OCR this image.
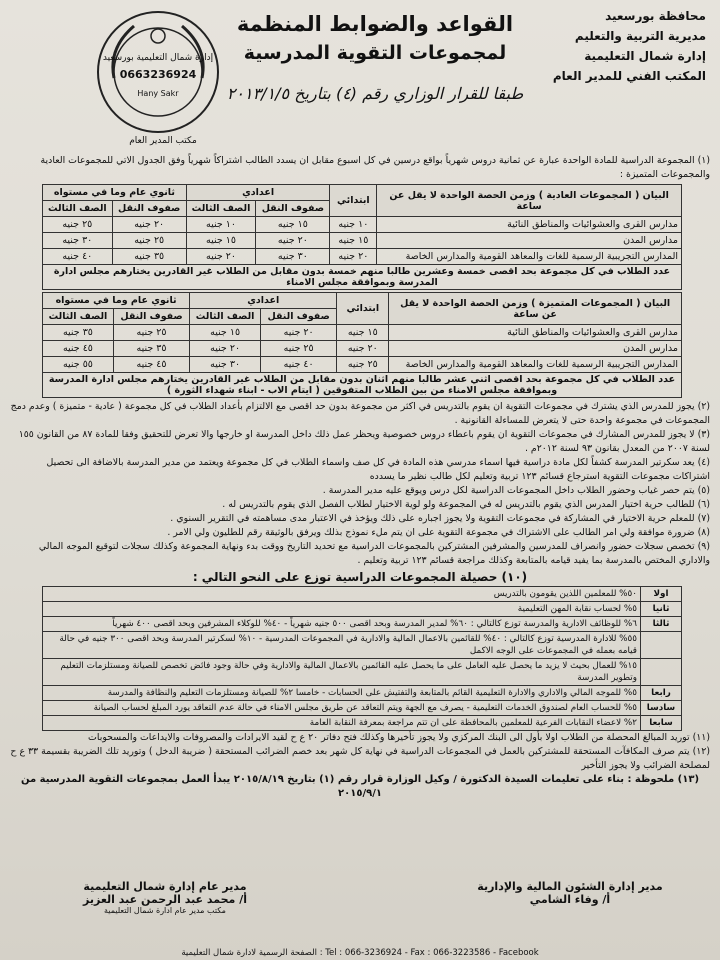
محافظة بورسعيد
مديرية التربية والتعليم
إدارة شمال التعليمية
المكتب الفني للمدير العام
القواعد والضوابط المنظمة
لمجموعات التقوية المدرسية
طبقا للقرار الوزاري رقم (٤) بتاريخ ٢٠١٣/١/٥
إدارة شمال التعليمية بورسعيد
0663236924
Hany Sakr
مكتب المدير العام

(١) المجموعة الدراسية للمادة الواحدة عبارة عن ثمانية دروس شهرياً بواقع درسين في كل اسبوع مقابل ان يسدد الطالب اشتراكاً شهرياً وفق الجدول الاتي للمجموعات العادية والمجموعات المتميزة :

البيان ( المجموعات العادية ) وزمن الحصة الواحدة لا يقل عن ساعة	ابتدائي	اعدادي		ثانوي عام وما في مستواه	
		صفوف النقل	الصف الثالث	صفوف النقل	الصف الثالث
مدارس القرى والعشوائيات والمناطق النائية	١٠ جنيه	١٥ جنيه	١٠ جنيه	٢٠ جنيه	٢٥ جنيه
مدارس المدن	١٥ جنيه	٢٠ جنيه	١٥ جنيه	٢٥ جنيه	٣٠ جنيه
المدارس التجريبية الرسمية للغات والمعاهد القومية والمدارس الخاصة	٢٠ جنيه	٣٠ جنيه	٢٠ جنيه	٣٥ جنيه	٤٠ جنيه
عدد الطلاب في كل مجموعة بحد اقصى خمسة وعشرين طالبا منهم خمسة بدون مقابل من الطلاب غير القادرين يختارهم مجلس ادارة المدرسة وبموافقة مجلس الامناء					
البيان ( المجموعات المتميزة ) وزمن الحصة الواحدة لا يقل عن ساعة	ابتدائي	اعدادي		ثانوي عام وما في مستواه	
		صفوف النقل	الصف الثالث	صفوف النقل	الصف الثالث
مدارس القرى والعشوائيات والمناطق النائية	١٥ جنيه	٢٠ جنيه	١٥ جنيه	٢٥ جنيه	٣٥ جنيه
مدارس المدن	٢٠ جنيه	٢٥ جنيه	٢٠ جنيه	٣٥ جنيه	٤٥ جنيه
المدارس التجريبية الرسمية للغات والمعاهد القومية والمدارس الخاصة	٢٥ جنيه	٤٠ جنيه	٣٠ جنيه	٤٥ جنيه	٥٥ جنيه
عدد الطلاب في كل مجموعة بحد اقصى اثني عشر طالبا منهم اثنان بدون مقابل من الطلاب غير القادرين يختارهم مجلس ادارة المدرسة وبموافقة مجلس الامناء من بين الطلاب المتفوقين ( ايتام الاب - ابناء شهداء الثورة )					

(٢) يجوز للمدرس الذي يشترك في مجموعات التقوية ان يقوم بالتدريس في اكثر من مجموعة بدون حد اقصى مع الالتزام بأعداد الطلاب في كل مجموعة ( عادية - متميزة ) وعدم دمج المجموعات في مجموعة واحدة حتى لا يتعرض للمساءلة القانونية .

(٣) لا يجوز للمدرس المشارك في مجموعات التقوية ان يقوم باعطاء دروس خصوصية ويحظر عمل ذلك داخل المدرسة او خارجها والا تعرض للتحقيق وفقا للمادة ٨٧ من القانون ١٥٥ لسنة ٢٠٠٧ من المعدل بقانون ٩٣ لسنة ٢٠١٢م .

(٤) يعد سكرتير المدرسة كشفاً لكل مادة دراسية فيها اسماء مدرسي هذه المادة في كل صف واسماء الطلاب في كل مجموعة ويعتمد من مدير المدرسة بالاضافة الى تحصيل اشتراكات مجموعات التقوية استرجاع قسائم ١٢٣ تربية وتعليم لكل طالب نظير ما يسدده

(٥) يتم حصر غياب وحضور الطلاب داخل المجموعات الدراسية لكل درس ويوقع عليه مدير المدرسة .

(٦) للطالب حرية اختيار المدرس الذي يقوم بالتدريس له في المجموعة ولو لوية الاختيار لطلاب الفصل الذي يقوم بالتدريس له .

(٧) للمعلم حرية الاختيار في المشاركة في مجموعات التقوية ولا يجوز اجباره على ذلك ويؤخذ في الاعتبار مدى مساهمته في التقرير السنوي .

(٨) ضرورة موافقة ولي امر الطالب على الاشتراك في مجموعة التقوية على ان يتم ملء نموذج بذلك ويرفق بالوثيقة رقم للطليون ولي الامر .

(٩) تخصص سجلات حضور وانصراف للمدرسين والمشرفين المشتركين بالمجموعات الدراسية مع تحديد التاريخ ووقت بدء ونهاية المجموعة وكذلك سجلات لتوقيع الموجه المالي والاداري المختص بالمدرسة بما يفيد قيامه بالمتابعة وكذلك مراجعة قسائم ١٢٣ تربية وتعليم .

(١٠) حصيلة المجموعات الدراسية توزع على النحو التالي :
اولا	٥٠% للمعلمين اللذين يقومون بالتدريس
ثانيا	٥% لحساب نقابة المهن التعليمية
ثالثا	٦% للوظائف الادارية والمدرسة توزع كالتالي : ٦٠% لمدير المدرسة وبحد اقصى ٥٠٠ جنيه شهرياً - ٤٠% للوكلاء المشرفين وبحد اقصى ٤٠٠ شهرياً
	٥٥% للادارة المدرسية توزع كالتالي : ٤٠% للقائمين بالاعمال المالية والادارية في المجموعات المدرسية - ١٠% لسكرتير المدرسة وبحد اقصى ٣٠٠ جنيه في حالة قيامه بعمله في المجموعات على الوجه الاكمل
	١٥% للعمال بحيث لا يزيد ما يحصل عليه العامل على ما يحصل عليه القائمين بالاعمال المالية والادارية وفي حالة وجود فائض تخصص للصيانة ومستلزمات التعليم وتطوير المدرسة
رابعا	٥% للموجه المالي والاداري والادارة التعليمية القائم بالمتابعة والتفتيش على الحسابات - خامسا ٢% للصيانة ومستلزمات التعليم والنظافة والمدرسة
سادسا	٥% للحساب العام لصندوق الخدمات التعليمية - يصرف مع الجهة ويتم التعاقد عن طريق مجلس الامناء في حالة عدم التعاقد يورد المبلغ لحساب الصيانة
سابعا	٢% لاعضاء النقابات الفرعية للمعلمين بالمحافظة على ان تتم مراجعة بمعرفة النقابة العامة

(١١) توريد المبالغ المحصلة من الطلاب اولا بأول الى البنك المركزي ولا يجوز تأخيرها وكذلك فتح دفاتر ٢٠ ع ح لقيد الايرادات والمصروفات والايداعات والمسحوبات

(١٢) يتم صرف المكافآت المستحقة للمشتركين بالعمل في المجموعات الدراسية في نهاية كل شهر بعد خصم الضرائب المستحقة ( ضريبة الدخل ) وتوريد تلك الضريبة بقسيمة ٣٣ ع ح لمصلحة الضرائب ولا يجوز التأخير

(١٣) ملحوظة : بناء على تعليمات السيدة الدكتورة / وكيل الوزارة قرار رقم (١) بتاريخ ٢٠١٥/٨/١٩ يبدأ العمل بمجموعات التقوية المدرسية من ٢٠١٥/٩/١

مدير إدارة الشئون المالية والإدارية
أ/ وفاء الشامي
مدير عام إدارة شمال التعليمية
أ/ محمد عبد الرحمن عبد العزيز
مكتب مدير عام ادارة شمال التعليمية
Tel : 066-3236924 - Fax : 066-3223586 - Facebook : الصفحة الرسمية لادارة شمال التعليمية
